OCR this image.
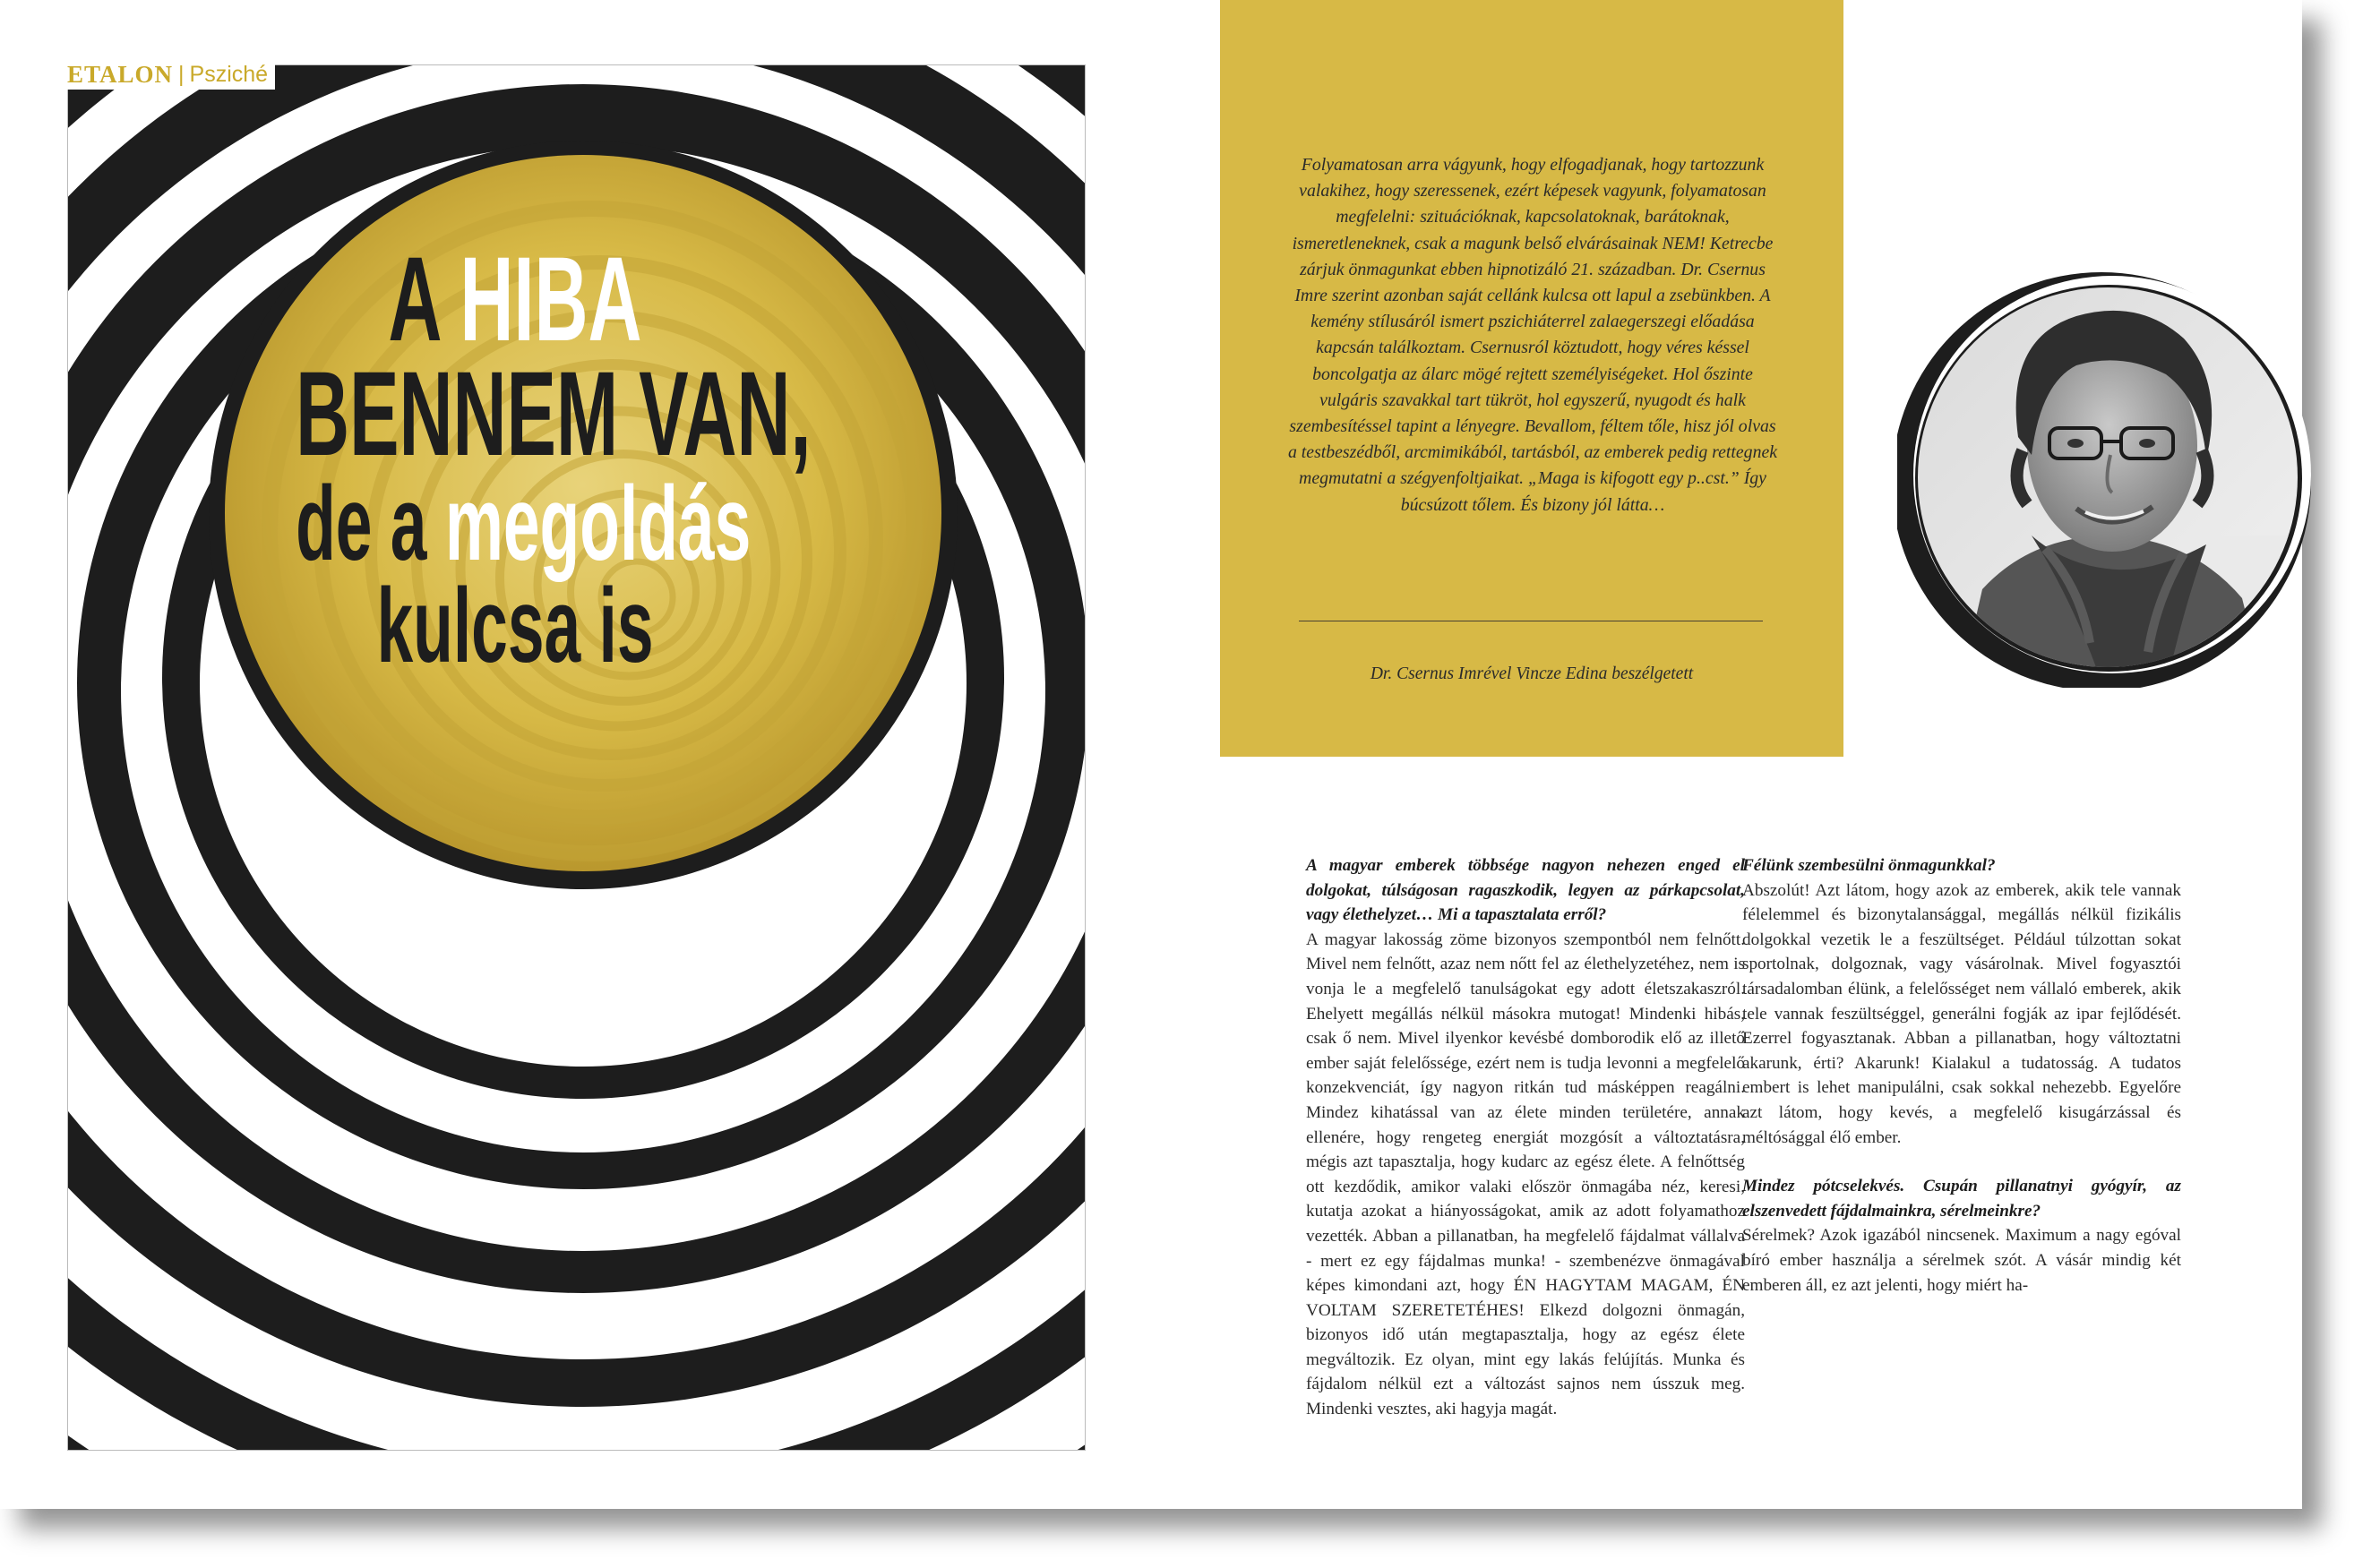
ETALON | Psziché
A HIBA
BENNEM VAN,
de a megoldás
kulcsa is

Folyamatosan arra vágyunk, hogy elfogadjanak, hogy tartozzunk valakihez, hogy szeressenek, ezért képesek vagyunk, folyamatosan megfelelni: szituációknak, kapcsolatoknak, barátoknak, ismeretleneknek, csak a magunk belső elvárásainak NEM! Ketrecbe zárjuk önmagunkat ebben hipnotizáló 21. században. Dr. Csernus Imre szerint azonban saját cellánk kulcsa ott lapul a zsebünkben. A kemény stílusáról ismert pszichiáterrel zalaegerszegi előadása kapcsán találkoztam. Csernusról köztudott, hogy véres késsel boncolgatja az álarc mögé rejtett személyiségeket. Hol őszinte vulgáris szavakkal tart tükröt, hol egyszerű, nyugodt és halk szembesítéssel tapint a lényegre. Bevallom, féltem tőle, hisz jól olvas a testbeszédből, arcmimikából, tartásból, az emberek pedig rettegnek megmutatni a szégyenfoltjaikat. „Maga is kifogott egy p..cst.” Így búcsúzott tőlem. És bizony jól látta…

Dr. Csernus Imrével Vincze Edina beszélgetett

A magyar emberek többsége nagyon nehezen enged el dolgokat, túlságosan ragaszkodik, legyen az párkapcsolat, vagy élethelyzet… Mi a tapasztalata erről?

A magyar lakosság zöme bizonyos szempontból nem felnőtt. Mivel nem felnőtt, azaz nem nőtt fel az élethelyzetéhez, nem is vonja le a megfelelő tanulságokat egy adott életszakaszról. Ehelyett megállás nélkül másokra mutogat! Mindenki hibás, csak ő nem. Mivel ilyenkor kevésbé domborodik elő az illető ember saját felelőssége, ezért nem is tudja levonni a megfelelő konzekvenciát, így nagyon ritkán tud másképpen reagálni. Mindez kihatással van az élete minden területére, annak ellenére, hogy rengeteg energiát mozgósít a változtatásra, mégis azt tapasztalja, hogy kudarc az egész élete. A felnőttség ott kezdődik, amikor valaki először önmagába néz, keresi, kutatja azokat a hiányosságokat, amik az adott folyamathoz vezették. Abban a pillanatban, ha megfelelő fájdalmat vállalva - mert ez egy fájdalmas munka! - szembenézve önmagával képes kimondani azt, hogy ÉN HAGYTAM MAGAM, ÉN VOLTAM SZERETETÉHES! Elkezd dolgozni önmagán, bizonyos idő után megtapasztalja, hogy az egész élete megváltozik. Ez olyan, mint egy lakás felújítás. Munka és fájdalom nélkül ezt a változást sajnos nem ússzuk meg. Mindenki vesztes, aki hagyja magát.

Félünk szembesülni önmagunkkal?

Abszolút! Azt látom, hogy azok az emberek, akik tele vannak félelemmel és bizonytalansággal, megállás nélkül fizikális dolgokkal vezetik le a feszültséget. Például túlzottan sokat sportolnak, dolgoznak, vagy vásárolnak. Mivel fogyasztói társadalomban élünk, a felelősséget nem vállaló emberek, akik tele vannak feszültséggel, generálni fogják az ipar fejlődését. Ezerrel fogyasztanak. Abban a pillanatban, hogy változtatni akarunk, érti? Akarunk! Kialakul a tudatosság. A tudatos embert is lehet manipulálni, csak sokkal nehezebb. Egyelőre azt látom, hogy kevés, a megfelelő kisugárzással és méltósággal élő ember.

Mindez pótcselekvés. Csupán pillanatnyi gyógyír, az elszenvedett fájdalmainkra, sérelmeinkre?

Sérelmek? Azok igazából nincsenek. Maximum a nagy egóval bíró ember használja a sérelmek szót. A vásár mindig két emberen áll, ez azt jelenti, hogy miért ha-
